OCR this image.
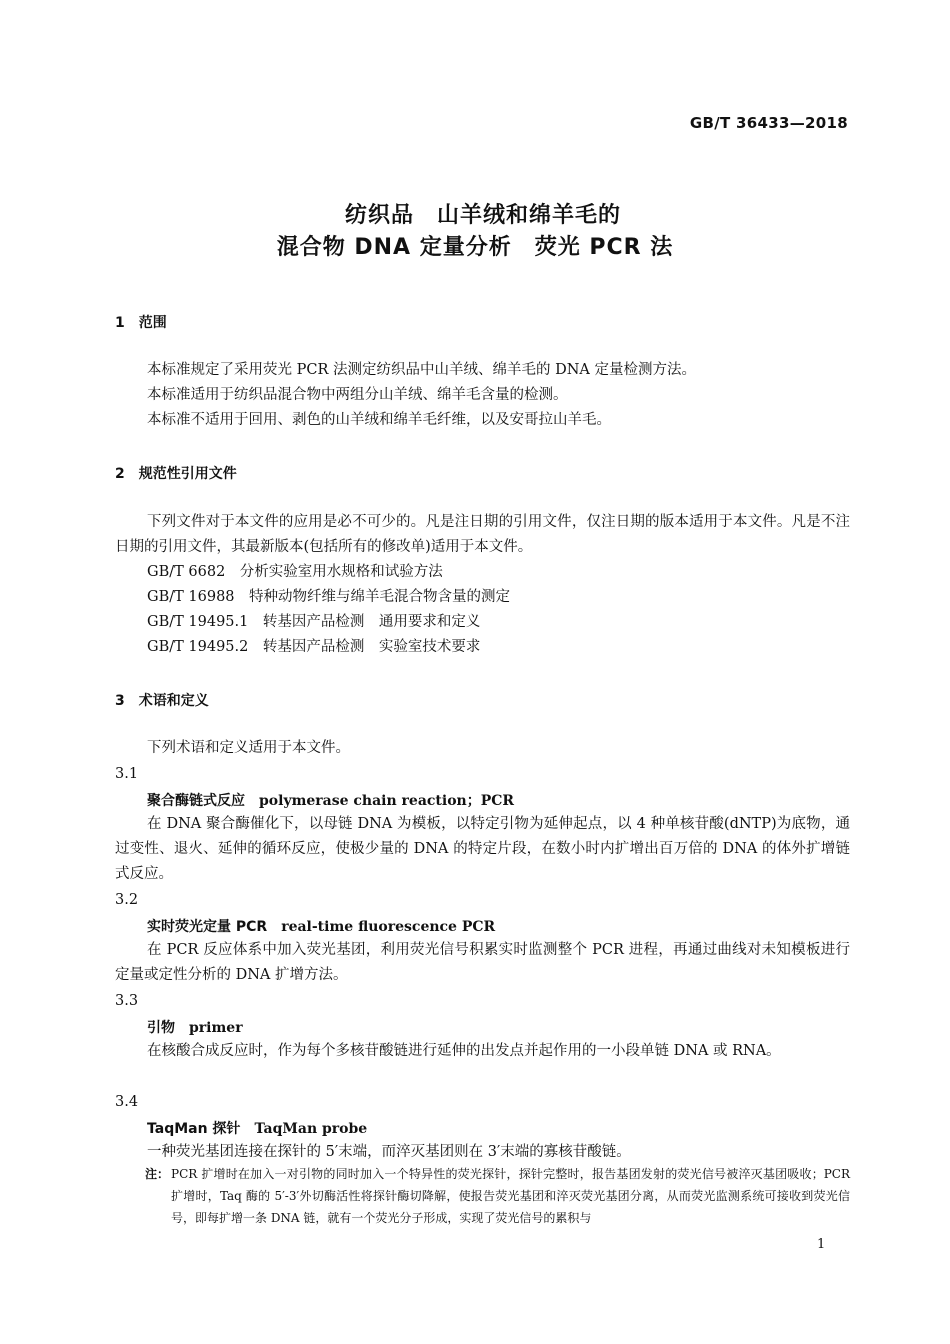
GB/T 36433—2018
纺织品　山羊绒和绵羊毛的
混合物 DNA 定量分析　荧光 PCR 法
1　范围
本标准规定了采用荧光 PCR 法测定纺织品中山羊绒、绵羊毛的 DNA 定量检测方法。
本标准适用于纺织品混合物中两组分山羊绒、绵羊毛含量的检测。
本标准不适用于回用、剥色的山羊绒和绵羊毛纤维，以及安哥拉山羊毛。
2　规范性引用文件
下列文件对于本文件的应用是必不可少的。凡是注日期的引用文件，仅注日期的版本适用于本文件。凡是不注日期的引用文件，其最新版本(包括所有的修改单)适用于本文件。
GB/T 6682　分析实验室用水规格和试验方法
GB/T 16988　特种动物纤维与绵羊毛混合物含量的测定
GB/T 19495.1　转基因产品检测　通用要求和定义
GB/T 19495.2　转基因产品检测　实验室技术要求
3　术语和定义
下列术语和定义适用于本文件。
3.1
聚合酶链式反应　 polymerase chain reaction；PCR
在 DNA 聚合酶催化下，以母链 DNA 为模板，以特定引物为延伸起点，以 4 种单核苷酸(dNTP)为底物，通过变性、退火、延伸的循环反应，使极少量的 DNA 的特定片段，在数小时内扩增出百万倍的 DNA 的体外扩增链式反应。
3.2
实时荧光定量 PCR　 real-time fluorescence PCR
在 PCR 反应体系中加入荧光基团，利用荧光信号积累实时监测整个 PCR 进程，再通过曲线对未知模板进行定量或定性分析的 DNA 扩增方法。
3.3
引物　 primer
在核酸合成反应时，作为每个多核苷酸链进行延伸的出发点并起作用的一小段单链 DNA 或 RNA。
3.4
TaqMan 探针　 TaqMan probe
一种荧光基团连接在探针的 5′末端，而淬灭基团则在 3′末端的寡核苷酸链。
注： PCR 扩增时在加入一对引物的同时加入一个特异性的荧光探针，探针完整时，报告基团发射的荧光信号被淬灭基团吸收；PCR 扩增时，Taq 酶的 5′-3′外切酶活性将探针酶切降解，使报告荧光基团和淬灭荧光基团分离，从而荧光监测系统可接收到荧光信号，即每扩增一条 DNA 链，就有一个荧光分子形成，实现了荧光信号的累积与
1
